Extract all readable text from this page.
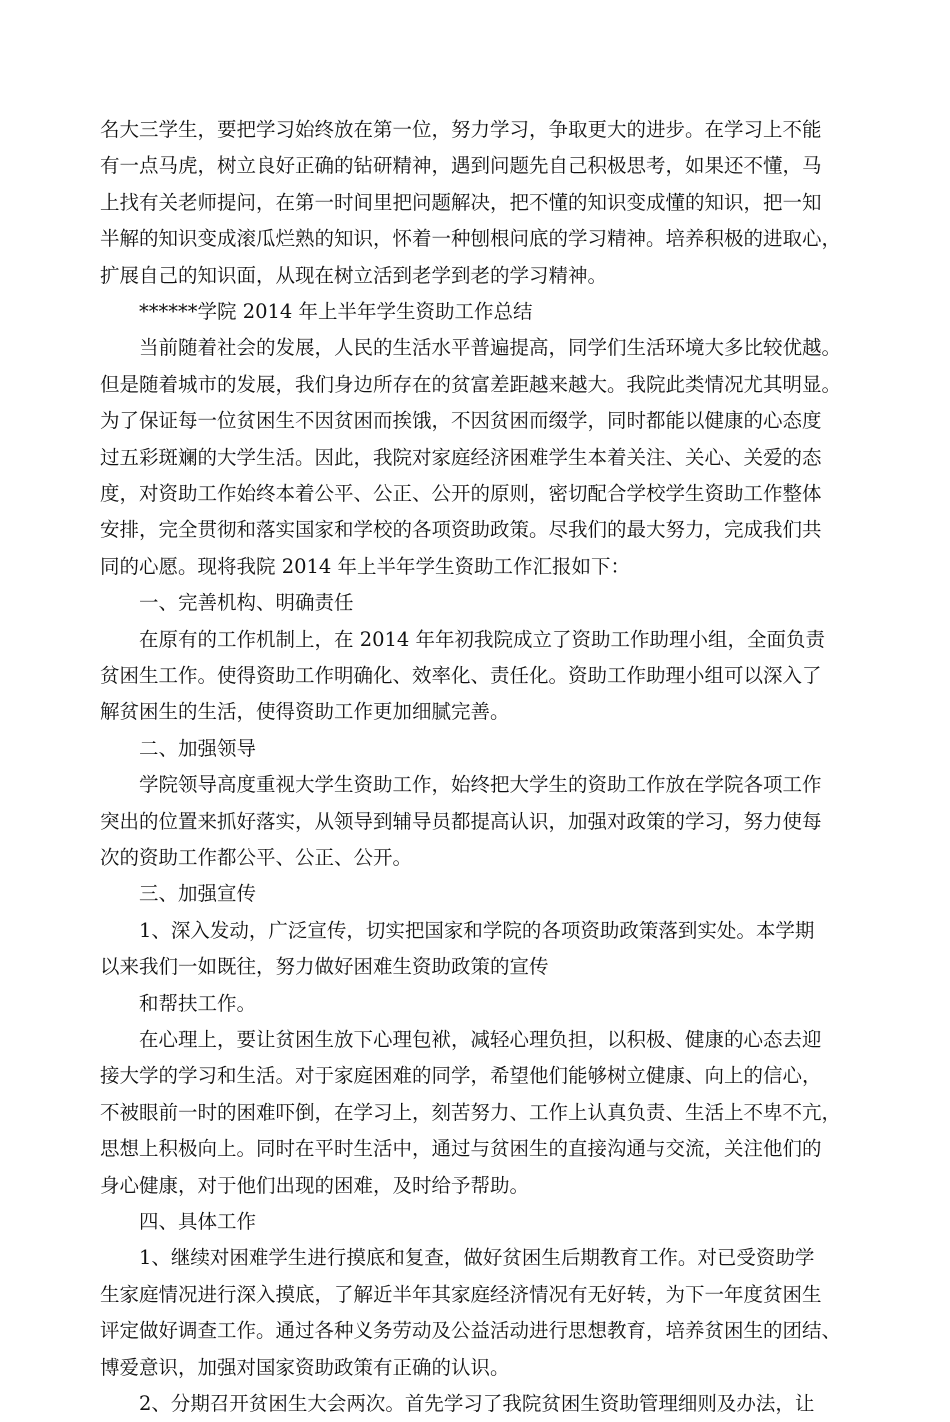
名大三学生，要把学习始终放在第一位，努力学习，争取更大的进步。在学习上不能
有一点马虎，树立良好正确的钻研精神，遇到问题先自己积极思考，如果还不懂，马
上找有关老师提问，在第一时间里把问题解决，把不懂的知识变成懂的知识，把一知
半解的知识变成滚瓜烂熟的知识，怀着一种刨根问底的学习精神。培养积极的进取心，
扩展自己的知识面，从现在树立活到老学到老的学习精神。
******学院 2014 年上半年学生资助工作总结
当前随着社会的发展，人民的生活水平普遍提高，同学们生活环境大多比较优越。
但是随着城市的发展，我们身边所存在的贫富差距越来越大。我院此类情况尤其明显。
为了保证每一位贫困生不因贫困而挨饿，不因贫困而缀学，同时都能以健康的心态度
过五彩斑斓的大学生活。因此，我院对家庭经济困难学生本着关注、关心、关爱的态
度，对资助工作始终本着公平、公正、公开的原则，密切配合学校学生资助工作整体
安排，完全贯彻和落实国家和学校的各项资助政策。尽我们的最大努力，完成我们共
同的心愿。现将我院 2014 年上半年学生资助工作汇报如下：
一、完善机构、明确责任
在原有的工作机制上，在 2014 年年初我院成立了资助工作助理小组，全面负责
贫困生工作。使得资助工作明确化、效率化、责任化。资助工作助理小组可以深入了
解贫困生的生活，使得资助工作更加细腻完善。
二、加强领导
学院领导高度重视大学生资助工作，始终把大学生的资助工作放在学院各项工作
突出的位置来抓好落实，从领导到辅导员都提高认识，加强对政策的学习，努力使每
次的资助工作都公平、公正、公开。
三、加强宣传
1、深入发动，广泛宣传，切实把国家和学院的各项资助政策落到实处。本学期
以来我们一如既往，努力做好困难生资助政策的宣传
和帮扶工作。
在心理上，要让贫困生放下心理包袱，减轻心理负担，以积极、健康的心态去迎
接大学的学习和生活。对于家庭困难的同学，希望他们能够树立健康、向上的信心，
不被眼前一时的困难吓倒，在学习上，刻苦努力、工作上认真负责、生活上不卑不亢，
思想上积极向上。同时在平时生活中，通过与贫困生的直接沟通与交流，关注他们的
身心健康，对于他们出现的困难，及时给予帮助。
四、具体工作
1、继续对困难学生进行摸底和复查，做好贫困生后期教育工作。对已受资助学
生家庭情况进行深入摸底，了解近半年其家庭经济情况有无好转，为下一年度贫困生
评定做好调查工作。通过各种义务劳动及公益活动进行思想教育，培养贫困生的团结、
博爱意识，加强对国家资助政策有正确的认识。
2、分期召开贫困生大会两次。首先学习了我院贫困生资助管理细则及办法，让
